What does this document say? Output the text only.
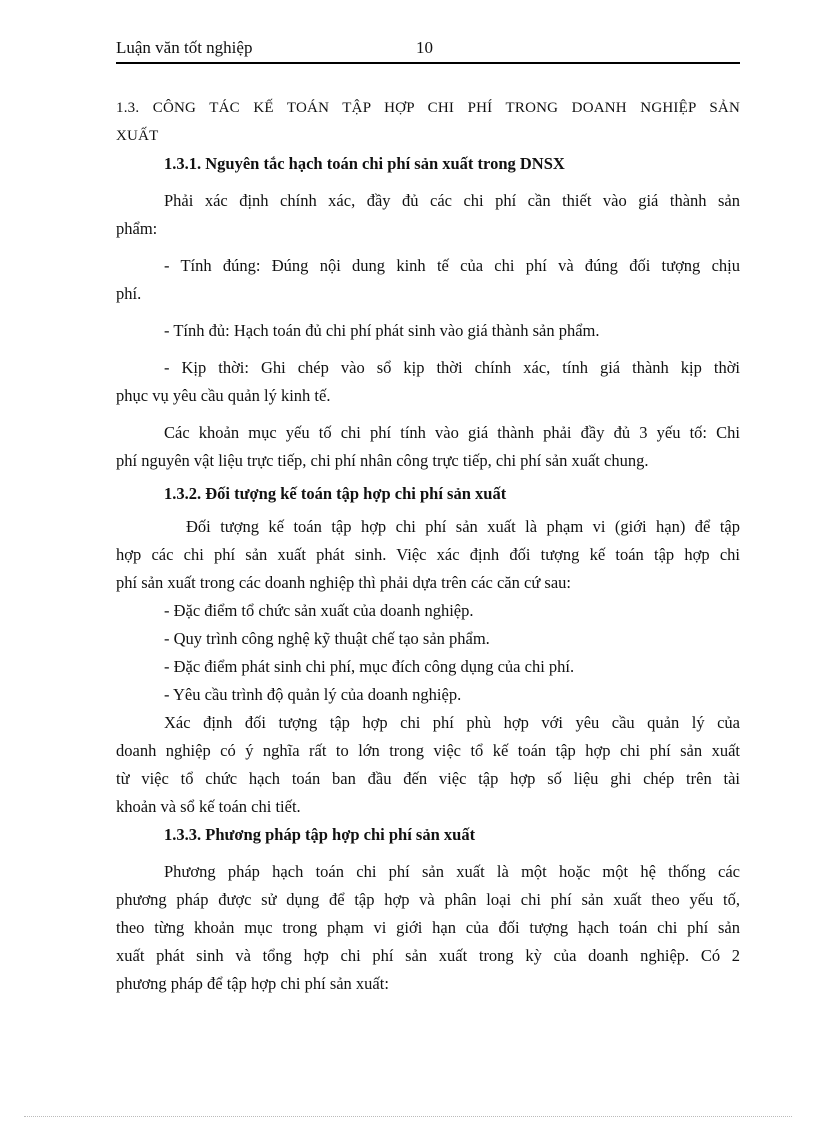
Luận văn tốt nghiệp	10
1.3. CÔNG TÁC KẾ TOÁN TẬP HỢP CHI PHÍ TRONG DOANH NGHIỆP SẢN
XUẤT
1.3.1. Nguyên tắc hạch toán chi phí sản xuất trong DNSX
Phải xác định chính xác, đầy đủ các chi phí cần thiết vào giá thành sản
phẩm:
- Tính đúng: Đúng nội dung kinh tế của chi phí và đúng đối tượng chịu
phí.
- Tính đủ: Hạch toán đủ chi phí phát sinh vào giá thành sản phẩm.
- Kịp thời: Ghi chép vào sổ kịp thời chính xác, tính giá thành kịp thời
phục vụ yêu cầu quản lý kinh tế.
Các khoản mục yếu tố chi phí tính vào giá thành phải đầy đủ 3 yếu tố: Chi
phí nguyên vật liệu trực tiếp, chi phí nhân công trực tiếp, chi phí sản xuất chung.
1.3.2. Đối tượng kế toán tập hợp chi phí sản xuất
Đối tượng kế toán tập hợp chi phí sản xuất là phạm vi (giới hạn) để tập
hợp các chi phí sản xuất phát sinh. Việc xác định đối tượng kế toán tập hợp chi
phí sản xuất trong các doanh nghiệp thì phải dựa trên các căn cứ sau:
- Đặc điểm tổ chức sản xuất của doanh nghiệp.
- Quy trình công nghệ kỹ thuật chế tạo sản phẩm.
- Đặc điểm phát sinh chi phí, mục đích công dụng của chi phí.
- Yêu cầu trình độ quản lý của doanh nghiệp.
Xác định đối tượng tập hợp chi phí phù hợp với yêu cầu quản lý của
doanh nghiệp có ý nghĩa rất to lớn trong việc tổ kế toán tập hợp chi phí sản xuất
từ việc tổ chức hạch toán ban đầu đến việc tập hợp số liệu ghi chép trên tài
khoản và sổ kế toán chi tiết.
1.3.3. Phương pháp tập hợp chi phí sản xuất
Phương pháp hạch toán chi phí sản xuất là một hoặc một hệ thống các
phương pháp được sử dụng để tập hợp và phân loại chi phí sản xuất theo yếu tố,
theo từng khoản mục trong phạm vi giới hạn của đối tượng hạch toán chi phí sản
xuất phát sinh và tổng hợp chi phí sản xuất trong kỳ của doanh nghiệp. Có 2
phương pháp để tập hợp chi phí sản xuất:
